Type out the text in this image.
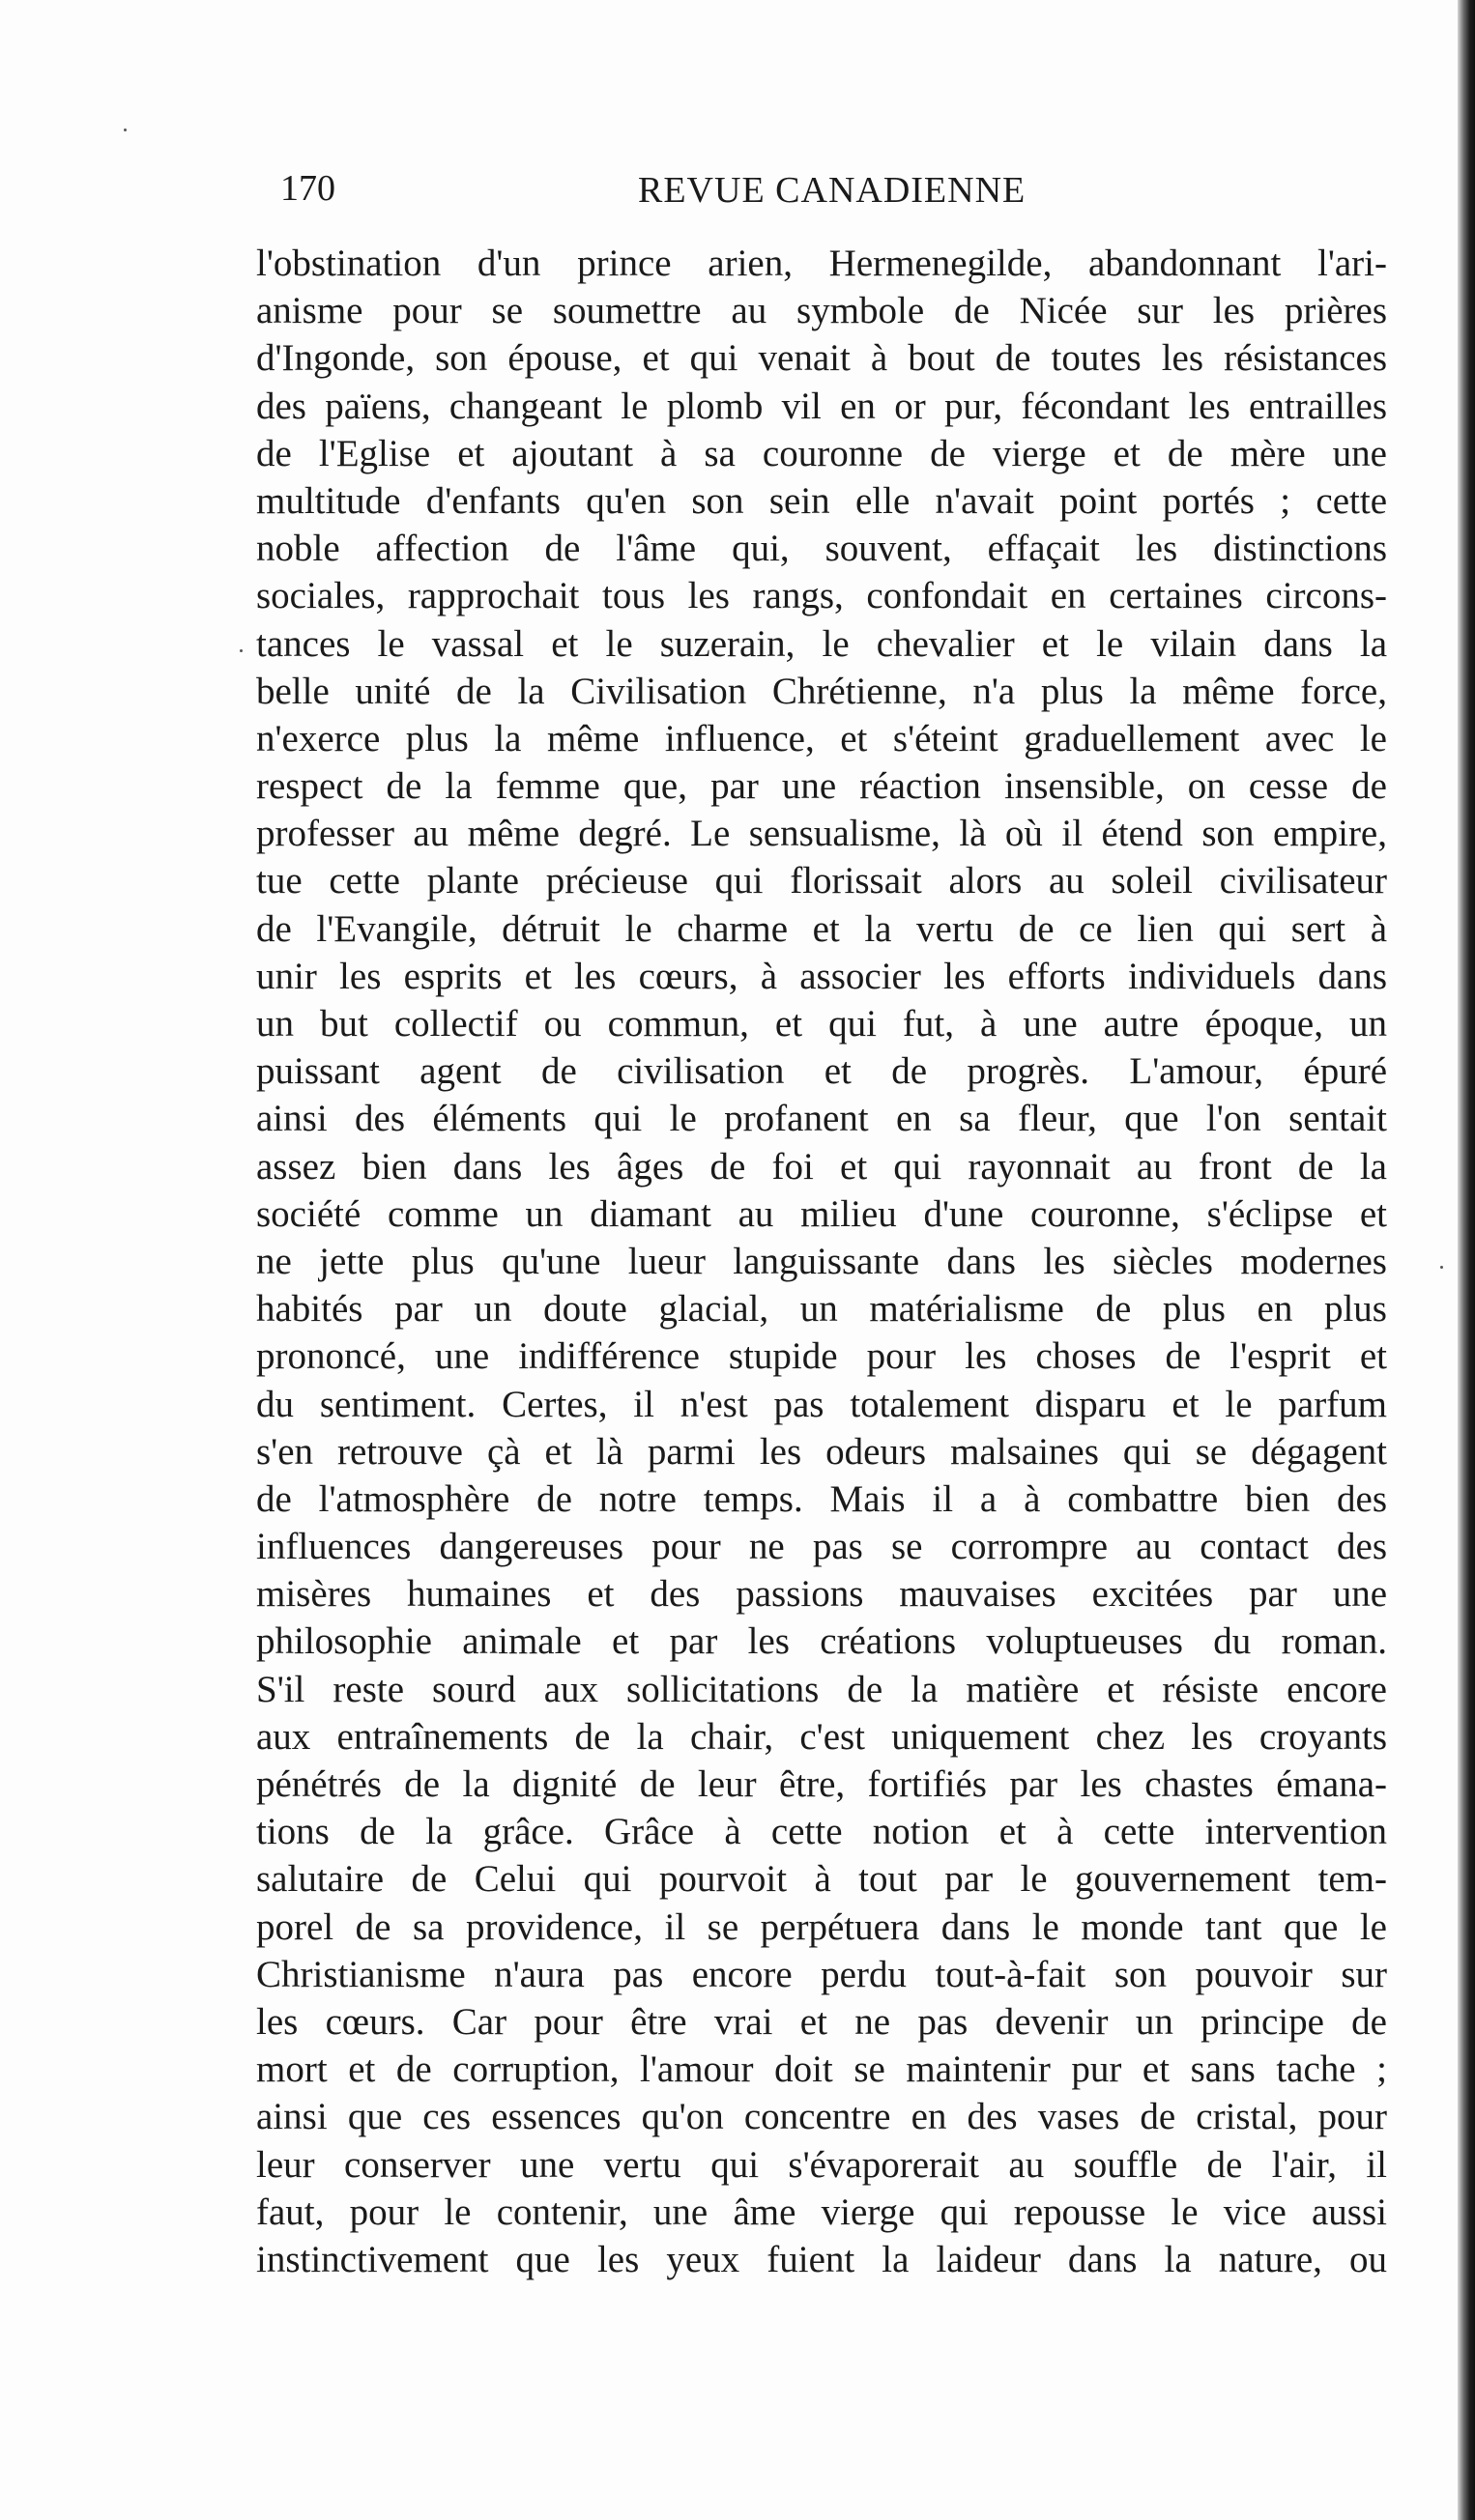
170	REVUE CANADIENNE
l'obstination d'un prince arien, Hermenegilde, abandonnant l'ari-
anisme pour se soumettre au symbole de Nicée sur les prières
d'Ingonde, son épouse, et qui venait à bout de toutes les résistances
des païens, changeant le plomb vil en or pur, fécondant les entrailles
de l'Eglise et ajoutant à sa couronne de vierge et de mère une
multitude d'enfants qu'en son sein elle n'avait point portés ; cette
noble affection de l'âme qui, souvent, effaçait les distinctions
sociales, rapprochait tous les rangs, confondait en certaines circons-
tances le vassal et le suzerain, le chevalier et le vilain dans la
belle unité de la Civilisation Chrétienne, n'a plus la même force,
n'exerce plus la même influence, et s'éteint graduellement avec le
respect de la femme que, par une réaction insensible, on cesse de
professer au même degré. Le sensualisme, là où il étend son empire,
tue cette plante précieuse qui florissait alors au soleil civilisateur
de l'Evangile, détruit le charme et la vertu de ce lien qui sert à
unir les esprits et les cœurs, à associer les efforts individuels dans
un but collectif ou commun, et qui fut, à une autre époque, un
puissant agent de civilisation et de progrès. L'amour, épuré
ainsi des éléments qui le profanent en sa fleur, que l'on sentait
assez bien dans les âges de foi et qui rayonnait au front de la
société comme un diamant au milieu d'une couronne, s'éclipse et
ne jette plus qu'une lueur languissante dans les siècles modernes
habités par un doute glacial, un matérialisme de plus en plus
prononcé, une indifférence stupide pour les choses de l'esprit et
du sentiment. Certes, il n'est pas totalement disparu et le parfum
s'en retrouve çà et là parmi les odeurs malsaines qui se dégagent
de l'atmosphère de notre temps. Mais il a à combattre bien des
influences dangereuses pour ne pas se corrompre au contact des
misères humaines et des passions mauvaises excitées par une
philosophie animale et par les créations voluptueuses du roman.
S'il reste sourd aux sollicitations de la matière et résiste encore
aux entraînements de la chair, c'est uniquement chez les croyants
pénétrés de la dignité de leur être, fortifiés par les chastes émana-
tions de la grâce. Grâce à cette notion et à cette intervention
salutaire de Celui qui pourvoit à tout par le gouvernement tem-
porel de sa providence, il se perpétuera dans le monde tant que le
Christianisme n'aura pas encore perdu tout-à-fait son pouvoir sur
les cœurs. Car pour être vrai et ne pas devenir un principe de
mort et de corruption, l'amour doit se maintenir pur et sans tache ;
ainsi que ces essences qu'on concentre en des vases de cristal, pour
leur conserver une vertu qui s'évaporerait au souffle de l'air, il
faut, pour le contenir, une âme vierge qui repousse le vice aussi
instinctivement que les yeux fuient la laideur dans la nature, ou
